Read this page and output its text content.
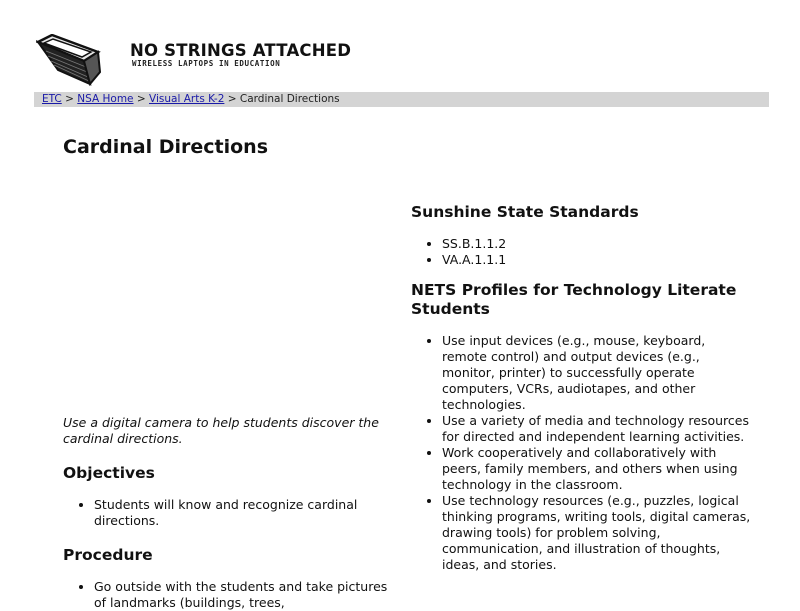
NO STRINGS ATTACHED
WIRELESS LAPTOPS IN EDUCATION
ETC > NSA Home > Visual Arts K-2 > Cardinal Directions
Cardinal Directions

Use a digital camera to help students discover the cardinal directions.

Objectives
• Students will know and recognize cardinal directions.
Procedure
• Go outside with the students and take pictures of landmarks (buildings, trees,
Sunshine State Standards
• SS.B.1.1.2
• VA.A.1.1.1
NETS Profiles for Technology Literate Students
• Use input devices (e.g., mouse, keyboard, remote control) and output devices (e.g., monitor, printer) to successfully operate computers, VCRs, audiotapes, and other technologies.
• Use a variety of media and technology resources for directed and independent learning activities.
• Work cooperatively and collaboratively with peers, family members, and others when using technology in the classroom.
• Use technology resources (e.g., puzzles, logical thinking programs, writing tools, digital cameras, drawing tools) for problem solving, communication, and illustration of thoughts, ideas, and stories.
